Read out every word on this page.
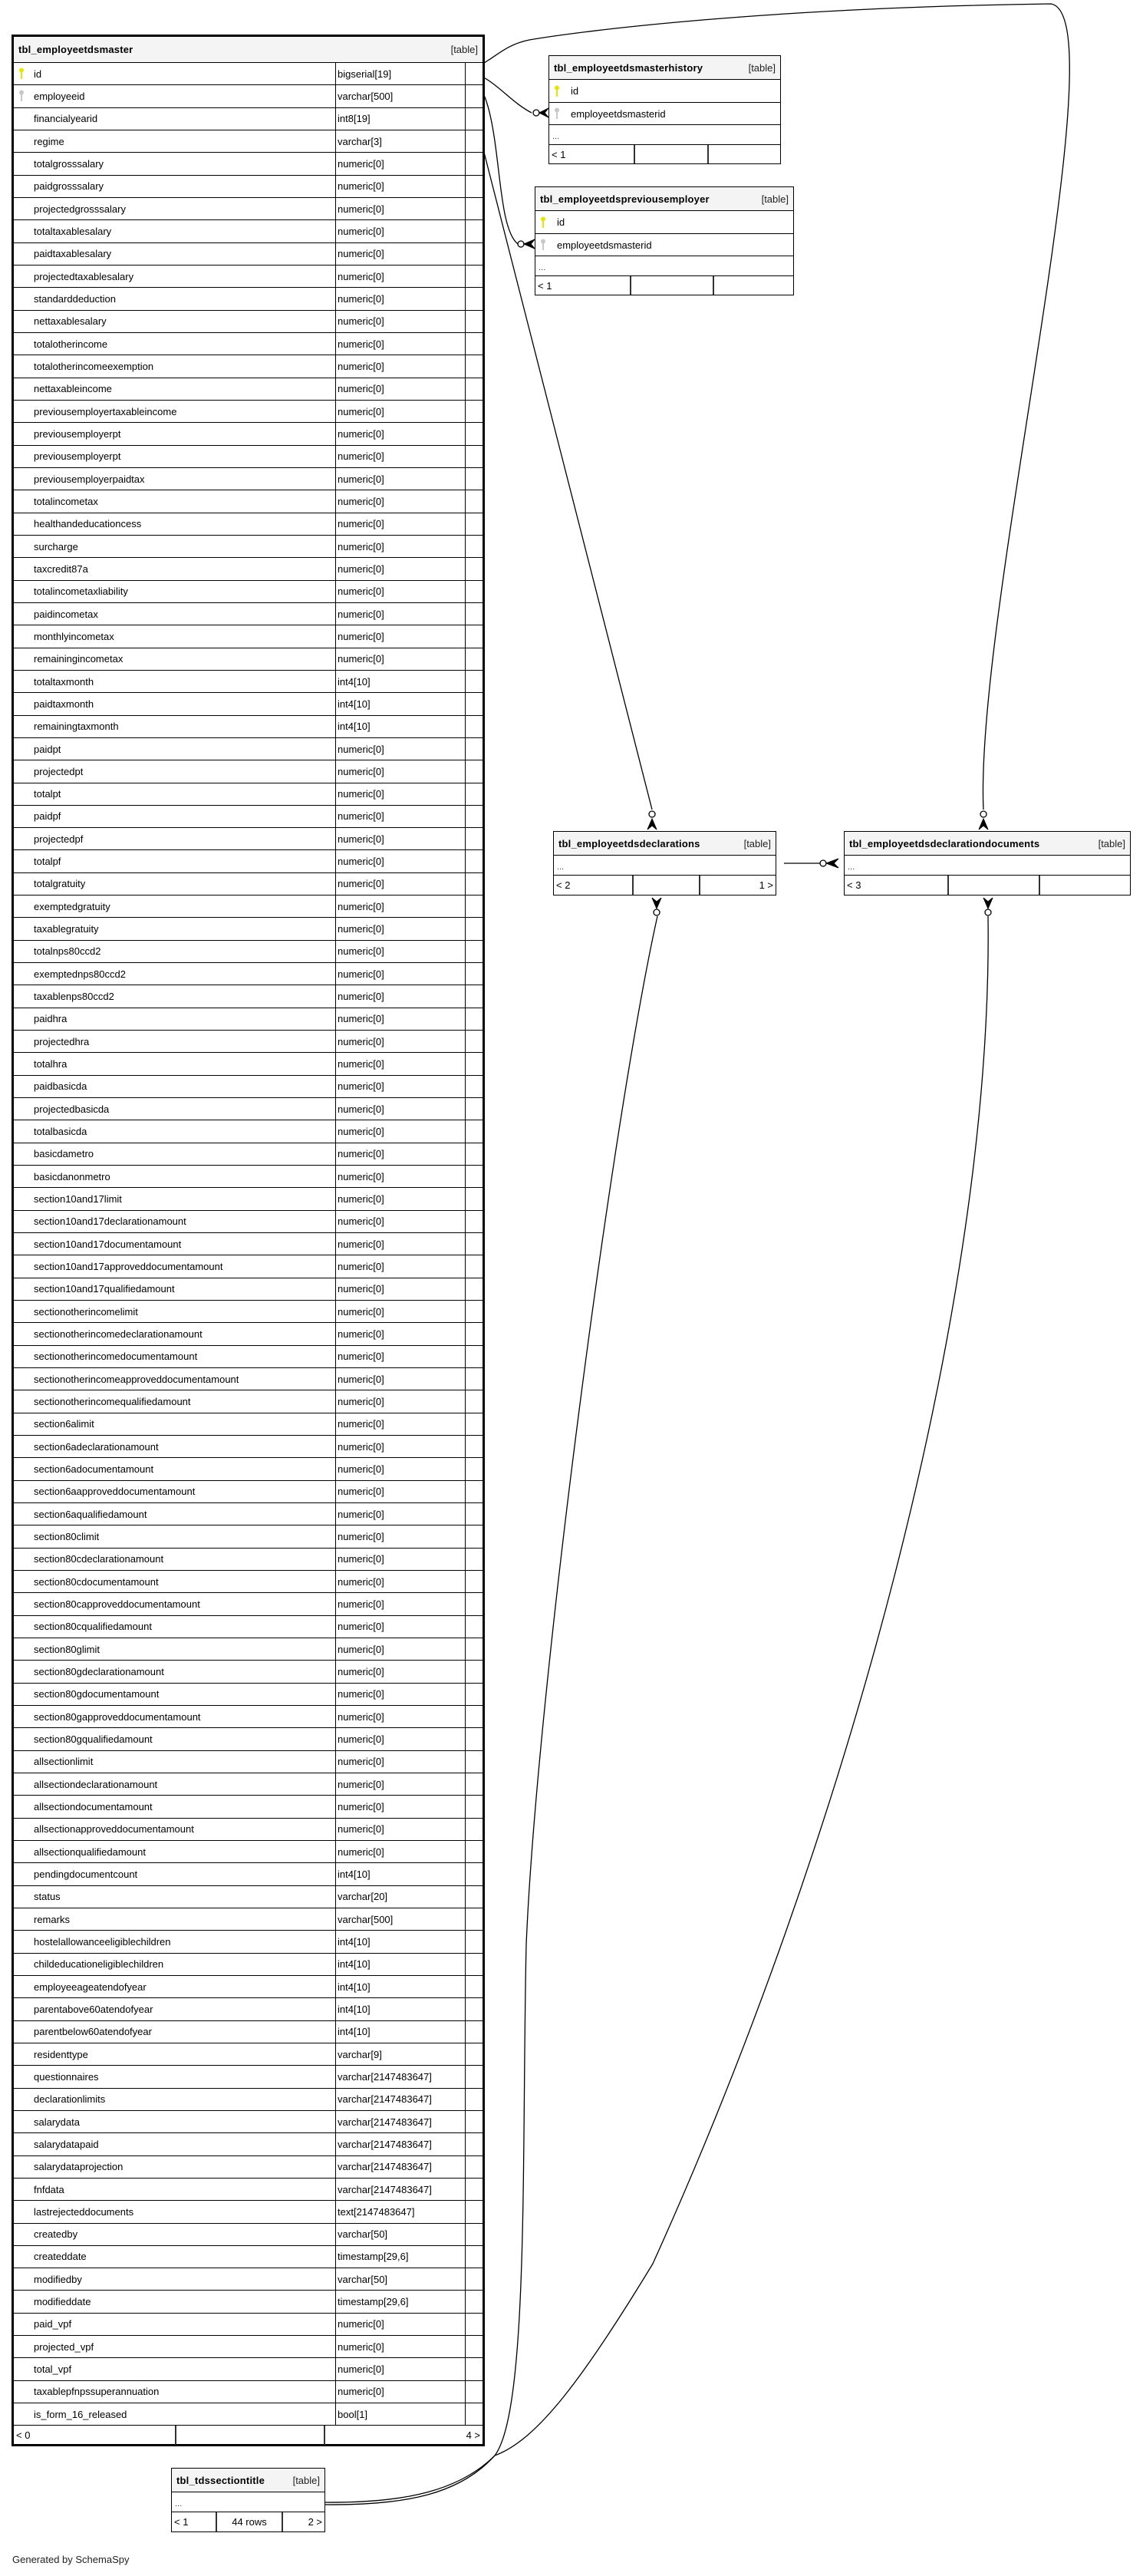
tbl_employeetdsmaster	[table]
id	bigserial[19]
employeeid	varchar[500]
financialyearid	int8[19]
regime	varchar[3]
totalgrosssalary	numeric[0]
paidgrosssalary	numeric[0]
projectedgrosssalary	numeric[0]
totaltaxablesalary	numeric[0]
paidtaxablesalary	numeric[0]
projectedtaxablesalary	numeric[0]
standarddeduction	numeric[0]
nettaxablesalary	numeric[0]
totalotherincome	numeric[0]
totalotherincomeexemption	numeric[0]
nettaxableincome	numeric[0]
previousemployertaxableincome	numeric[0]
previousemployerpt	numeric[0]
previousemployerpt	numeric[0]
previousemployerpaidtax	numeric[0]
totalincometax	numeric[0]
healthandeducationcess	numeric[0]
surcharge	numeric[0]
taxcredit87a	numeric[0]
totalincometaxliability	numeric[0]
paidincometax	numeric[0]
monthlyincometax	numeric[0]
remainingincometax	numeric[0]
totaltaxmonth	int4[10]
paidtaxmonth	int4[10]
remainingtaxmonth	int4[10]
paidpt	numeric[0]
projectedpt	numeric[0]
totalpt	numeric[0]
paidpf	numeric[0]
projectedpf	numeric[0]
totalpf	numeric[0]
totalgratuity	numeric[0]
exemptedgratuity	numeric[0]
taxablegratuity	numeric[0]
totalnps80ccd2	numeric[0]
exemptednps80ccd2	numeric[0]
taxablenps80ccd2	numeric[0]
paidhra	numeric[0]
projectedhra	numeric[0]
totalhra	numeric[0]
paidbasicda	numeric[0]
projectedbasicda	numeric[0]
totalbasicda	numeric[0]
basicdametro	numeric[0]
basicdanonmetro	numeric[0]
section10and17limit	numeric[0]
section10and17declarationamount	numeric[0]
section10and17documentamount	numeric[0]
section10and17approveddocumentamount	numeric[0]
section10and17qualifiedamount	numeric[0]
sectionotherincomelimit	numeric[0]
sectionotherincomedeclarationamount	numeric[0]
sectionotherincomedocumentamount	numeric[0]
sectionotherincomeapproveddocumentamount	numeric[0]
sectionotherincomequalifiedamount	numeric[0]
section6alimit	numeric[0]
section6adeclarationamount	numeric[0]
section6adocumentamount	numeric[0]
section6aapproveddocumentamount	numeric[0]
section6aqualifiedamount	numeric[0]
section80climit	numeric[0]
section80cdeclarationamount	numeric[0]
section80cdocumentamount	numeric[0]
section80capproveddocumentamount	numeric[0]
section80cqualifiedamount	numeric[0]
section80glimit	numeric[0]
section80gdeclarationamount	numeric[0]
section80gdocumentamount	numeric[0]
section80gapproveddocumentamount	numeric[0]
section80gqualifiedamount	numeric[0]
allsectionlimit	numeric[0]
allsectiondeclarationamount	numeric[0]
allsectiondocumentamount	numeric[0]
allsectionapproveddocumentamount	numeric[0]
allsectionqualifiedamount	numeric[0]
pendingdocumentcount	int4[10]
status	varchar[20]
remarks	varchar[500]
hostelallowanceeligiblechildren	int4[10]
childeducationeligiblechildren	int4[10]
employeeageatendofyear	int4[10]
parentabove60atendofyear	int4[10]
parentbelow60atendofyear	int4[10]
residenttype	varchar[9]
questionnaires	varchar[2147483647]
declarationlimits	varchar[2147483647]
salarydata	varchar[2147483647]
salarydatapaid	varchar[2147483647]
salarydataprojection	varchar[2147483647]
fnfdata	varchar[2147483647]
lastrejecteddocuments	text[2147483647]
createdby	varchar[50]
createddate	timestamp[29,6]
modifiedby	varchar[50]
modifieddate	timestamp[29,6]
paid_vpf	numeric[0]
projected_vpf	numeric[0]
total_vpf	numeric[0]
taxablepfnpssuperannuation	numeric[0]
is_form_16_released	bool[1]
< 0	4 >
tbl_employeetdsmasterhistory	[table]
id
employeetdsmasterid
...
< 1
tbl_employeetdspreviousemployer	[table]
id
employeetdsmasterid
...
< 1
tbl_employeetdsdeclarations	[table]
...
< 2	1 >
tbl_employeetdsdeclarationdocuments	[table]
...
< 3
tbl_tdssectiontitle	[table]
...
< 1	44 rows	2 >
Generated by SchemaSpy
